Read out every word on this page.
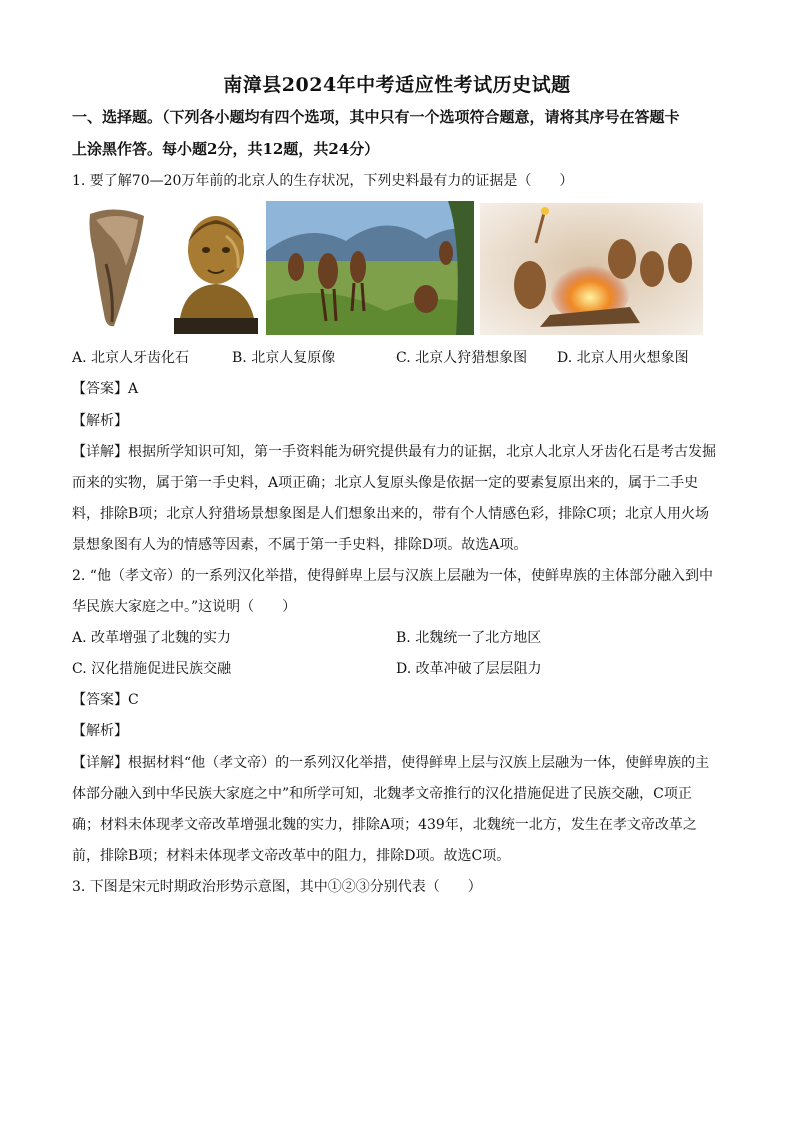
南漳县2024年中考适应性考试历史试题
一、选择题。（下列各小题均有四个选项，其中只有一个选项符合题意，请将其序号在答题卡
上涂黑作答。每小题2分，共12题，共24分）
1. 要了解70—20万年前的北京人的生存状况，下列史料最有力的证据是（　　）
A. 北京人牙齿化石	B. 北京人复原像	C. 北京人狩猎想象图 D. 北京人用火想象图
【答案】A
【解析】
【详解】根据所学知识可知，第一手资料能为研究提供最有力的证据，北京人北京人牙齿化石是考古发掘
而来的实物，属于第一手史料，A项正确；北京人复原头像是依据一定的要素复原出来的，属于二手史
料，排除B项；北京人狩猎场景想象图是人们想象出来的，带有个人情感色彩，排除C项；北京人用火场
景想象图有人为的情感等因素，不属于第一手史料，排除D项。故选A项。
2. “他（孝文帝）的一系列汉化举措，使得鲜卑上层与汉族上层融为一体，使鲜卑族的主体部分融入到中
华民族大家庭之中。”这说明（　　）
A. 改革增强了北魏的实力	B. 北魏统一了北方地区
C. 汉化措施促进民族交融	D. 改革冲破了层层阻力
【答案】C
【解析】
【详解】根据材料“他（孝文帝）的一系列汉化举措，使得鲜卑上层与汉族上层融为一体，使鲜卑族的主
体部分融入到中华民族大家庭之中”和所学可知，北魏孝文帝推行的汉化措施促进了民族交融，C项正
确；材料未体现孝文帝改革增强北魏的实力，排除A项；439年，北魏统一北方，发生在孝文帝改革之
前，排除B项；材料未体现孝文帝改革中的阻力，排除D项。故选C项。
3. 下图是宋元时期政治形势示意图，其中①②③分别代表（　　）
